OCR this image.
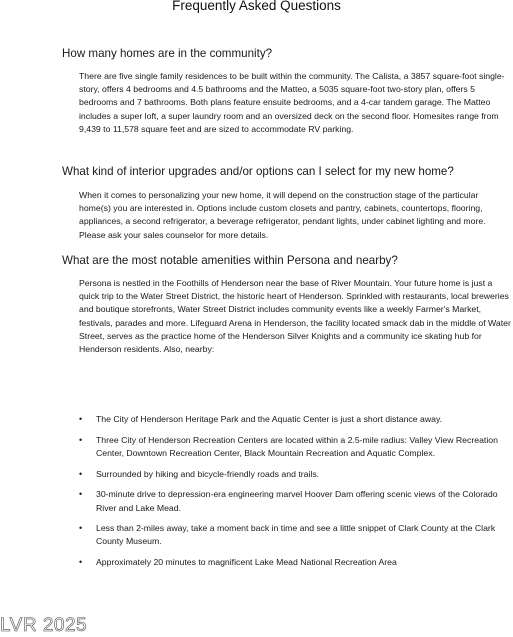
Frequently Asked Questions
How many homes are in the community?
There are five single family residences to be built within the community. The Calista, a 3857 square-foot single-story, offers 4 bedrooms and 4.5 bathrooms and the Matteo, a 5035 square-foot two-story plan, offers 5 bedrooms and 7 bathrooms. Both plans feature ensuite bedrooms, and a 4-car tandem garage. The Matteo includes a super loft, a super laundry room and an oversized deck on the second floor. Homesites range from 9,439 to 11,578 square feet and are sized to accommodate RV parking.
What kind of interior upgrades and/or options can I select for my new home?
When it comes to personalizing your new home, it will depend on the construction stage of the particular home(s) you are interested in. Options include custom closets and pantry, cabinets, countertops, flooring, appliances, a second refrigerator, a beverage refrigerator, pendant lights, under cabinet lighting and more. Please ask your sales counselor for more details.
What are the most notable amenities within Persona and nearby?
Persona is nestled in the Foothills of Henderson near the base of River Mountain. Your future home is just a quick trip to the Water Street District, the historic heart of Henderson. Sprinkled with restaurants, local breweries and boutique storefronts, Water Street District includes community events like a weekly Farmer's Market, festivals, parades and more. Lifeguard Arena in Henderson, the facility located smack dab in the middle of Water Street, serves as the practice home of the Henderson Silver Knights and a community ice skating hub for Henderson residents. Also, nearby:
• The City of Henderson Heritage Park and the Aquatic Center is just a short distance away.
• Three City of Henderson Recreation Centers are located within a 2.5-mile radius: Valley View Recreation Center, Downtown Recreation Center, Black Mountain Recreation and Aquatic Complex.
• Surrounded by hiking and bicycle-friendly roads and trails.
• 30-minute drive to depression-era engineering marvel Hoover Dam offering scenic views of the Colorado River and Lake Mead.
• Less than 2-miles away, take a moment back in time and see a little snippet of Clark County at the Clark County Museum.
• Approximately 20 minutes to magnificent Lake Mead National Recreation Area
LVR 2025
